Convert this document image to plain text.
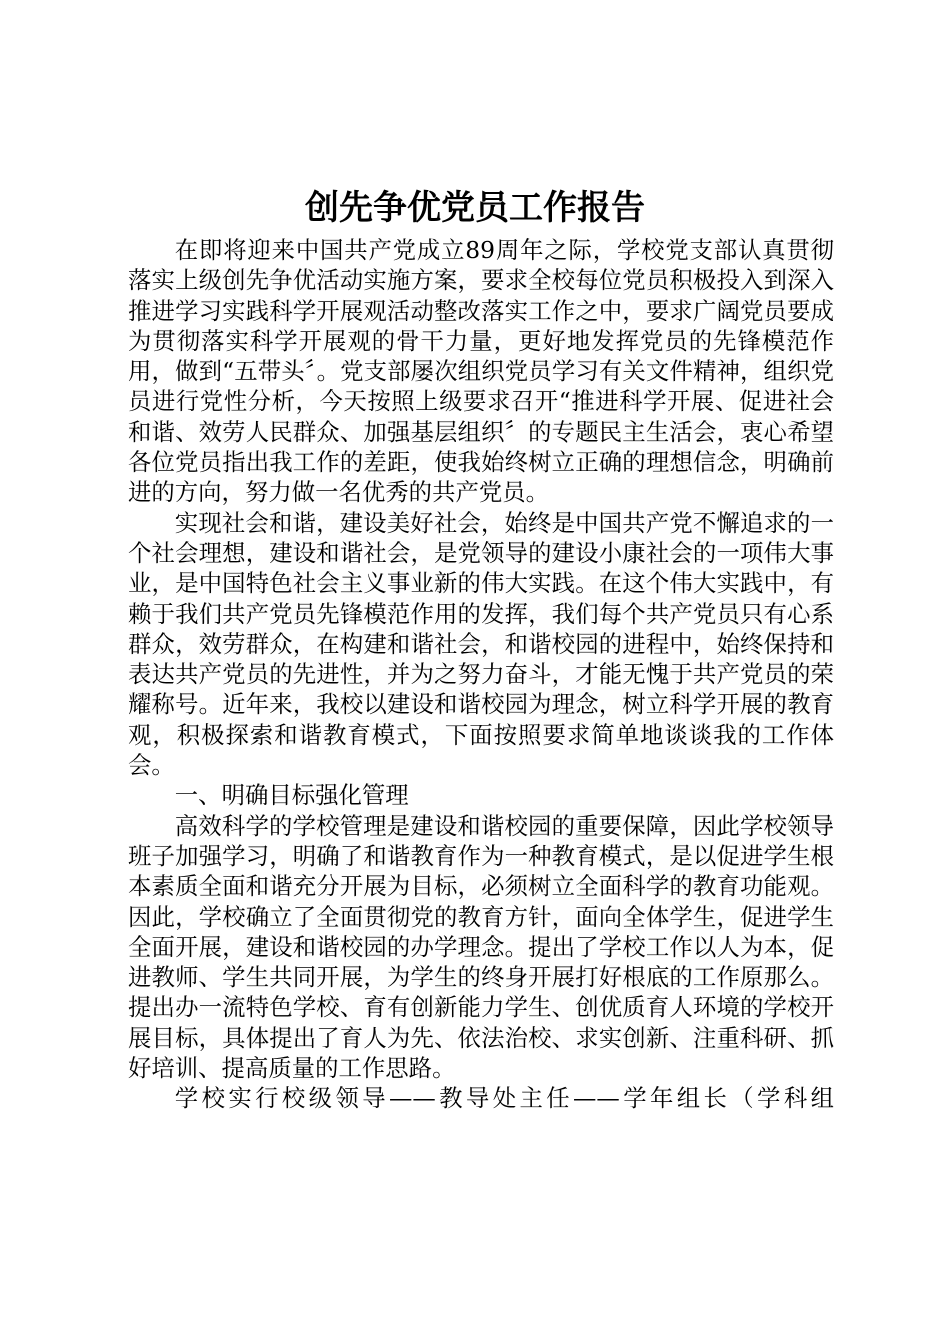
创先争优党员工作报告

在即将迎来中国共产党成立89周年之际，学校党支部认真贯彻落实上级创先争优活动实施方案，要求全校每位党员积极投入到深入推进学习实践科学开展观活动整改落实工作之中，要求广阔党员要成为贯彻落实科学开展观的骨干力量，更好地发挥党员的先锋模范作用，做到“五带头〞。党支部屡次组织党员学习有关文件精神，组织党员进行党性分析，今天按照上级要求召开“推进科学开展、促进社会和谐、效劳人民群众、加强基层组织〞的专题民主生活会，衷心希望各位党员指出我工作的差距，使我始终树立正确的理想信念，明确前进的方向，努力做一名优秀的共产党员。

实现社会和谐，建设美好社会，始终是中国共产党不懈追求的一个社会理想，建设和谐社会，是党领导的建设小康社会的一项伟大事业，是中国特色社会主义事业新的伟大实践。在这个伟大实践中，有赖于我们共产党员先锋模范作用的发挥，我们每个共产党员只有心系群众，效劳群众，在构建和谐社会，和谐校园的进程中，始终保持和表达共产党员的先进性，并为之努力奋斗，才能无愧于共产党员的荣耀称号。近年来，我校以建设和谐校园为理念，树立科学开展的教育观，积极探索和谐教育模式，下面按照要求简单地谈谈我的工作体会。

一、明确目标强化管理

高效科学的学校管理是建设和谐校园的重要保障，因此学校领导班子加强学习，明确了和谐教育作为一种教育模式，是以促进学生根本素质全面和谐充分开展为目标，必须树立全面科学的教育功能观。因此，学校确立了全面贯彻党的教育方针，面向全体学生，促进学生全面开展，建设和谐校园的办学理念。提出了学校工作以人为本，促进教师、学生共同开展，为学生的终身开展打好根底的工作原那么。提出办一流特色学校、育有创新能力学生、创优质育人环境的学校开展目标，具体提出了育人为先、依法治校、求实创新、注重科研、抓好培训、提高质量的工作思路。

学校实行校级领导——教导处主任——学年组长（学科组
